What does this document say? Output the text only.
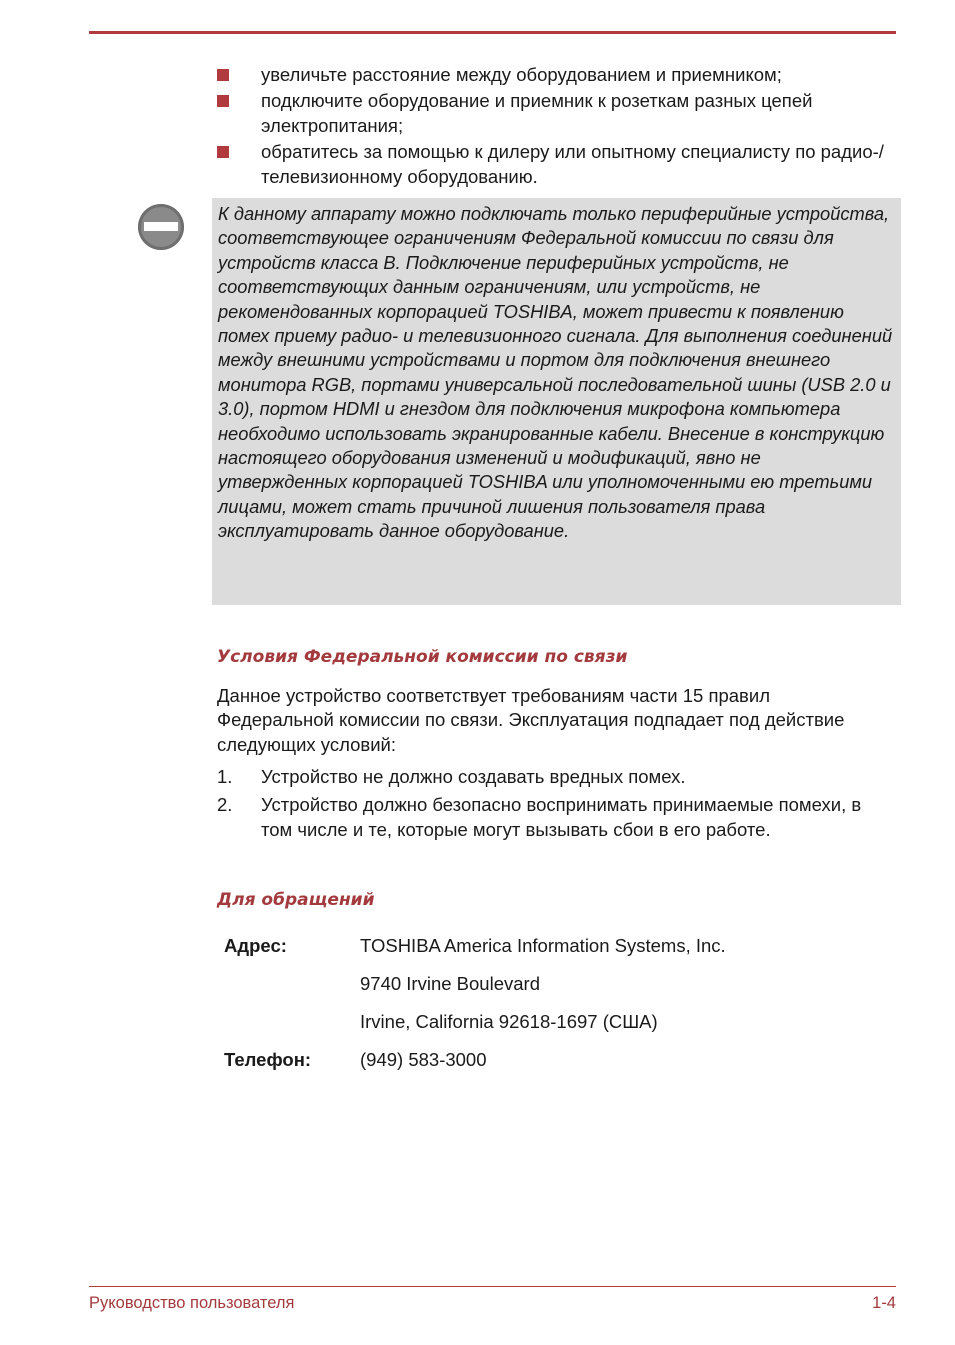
увеличьте расстояние между оборудованием и приемником;
подключите оборудование и приемник к розеткам разных цепей электропитания;
обратитесь за помощью к дилеру или опытному специалисту по радио-/телевизионному оборудованию.

К данному аппарату можно подключать только периферийные устройства, соответствующее ограничениям Федеральной комиссии по связи для устройств класса B. Подключение периферийных устройств, не соответствующих данным ограничениям, или устройств, не рекомендованных корпорацией TOSHIBA, может привести к появлению помех приему радио- и телевизионного сигнала. Для выполнения соединений между внешними устройствами и портом для подключения внешнего монитора RGB, портами универсальной последовательной шины (USB 2.0 и 3.0), портом HDMI и гнездом для подключения микрофона компьютера необходимо использовать экранированные кабели. Внесение в конструкцию настоящего оборудования изменений и модификаций, явно не утвержденных корпорацией TOSHIBA или уполномоченными ею третьими лицами, может стать причиной лишения пользователя права эксплуатировать данное оборудование.

Условия Федеральной комиссии по связи

Данное устройство соответствует требованиям части 15 правил Федеральной комиссии по связи. Эксплуатация подпадает под действие следующих условий:

1. Устройство не должно создавать вредных помех.
2. Устройство должно безопасно воспринимать принимаемые помехи, в том числе и те, которые могут вызывать сбои в его работе.
Для обращений
Адрес:	TOSHIBA America Information Systems, Inc.
9740 Irvine Boulevard
Irvine, California 92618-1697 (США)
Телефон:	(949) 583-3000
Руководство пользователя	1-4
